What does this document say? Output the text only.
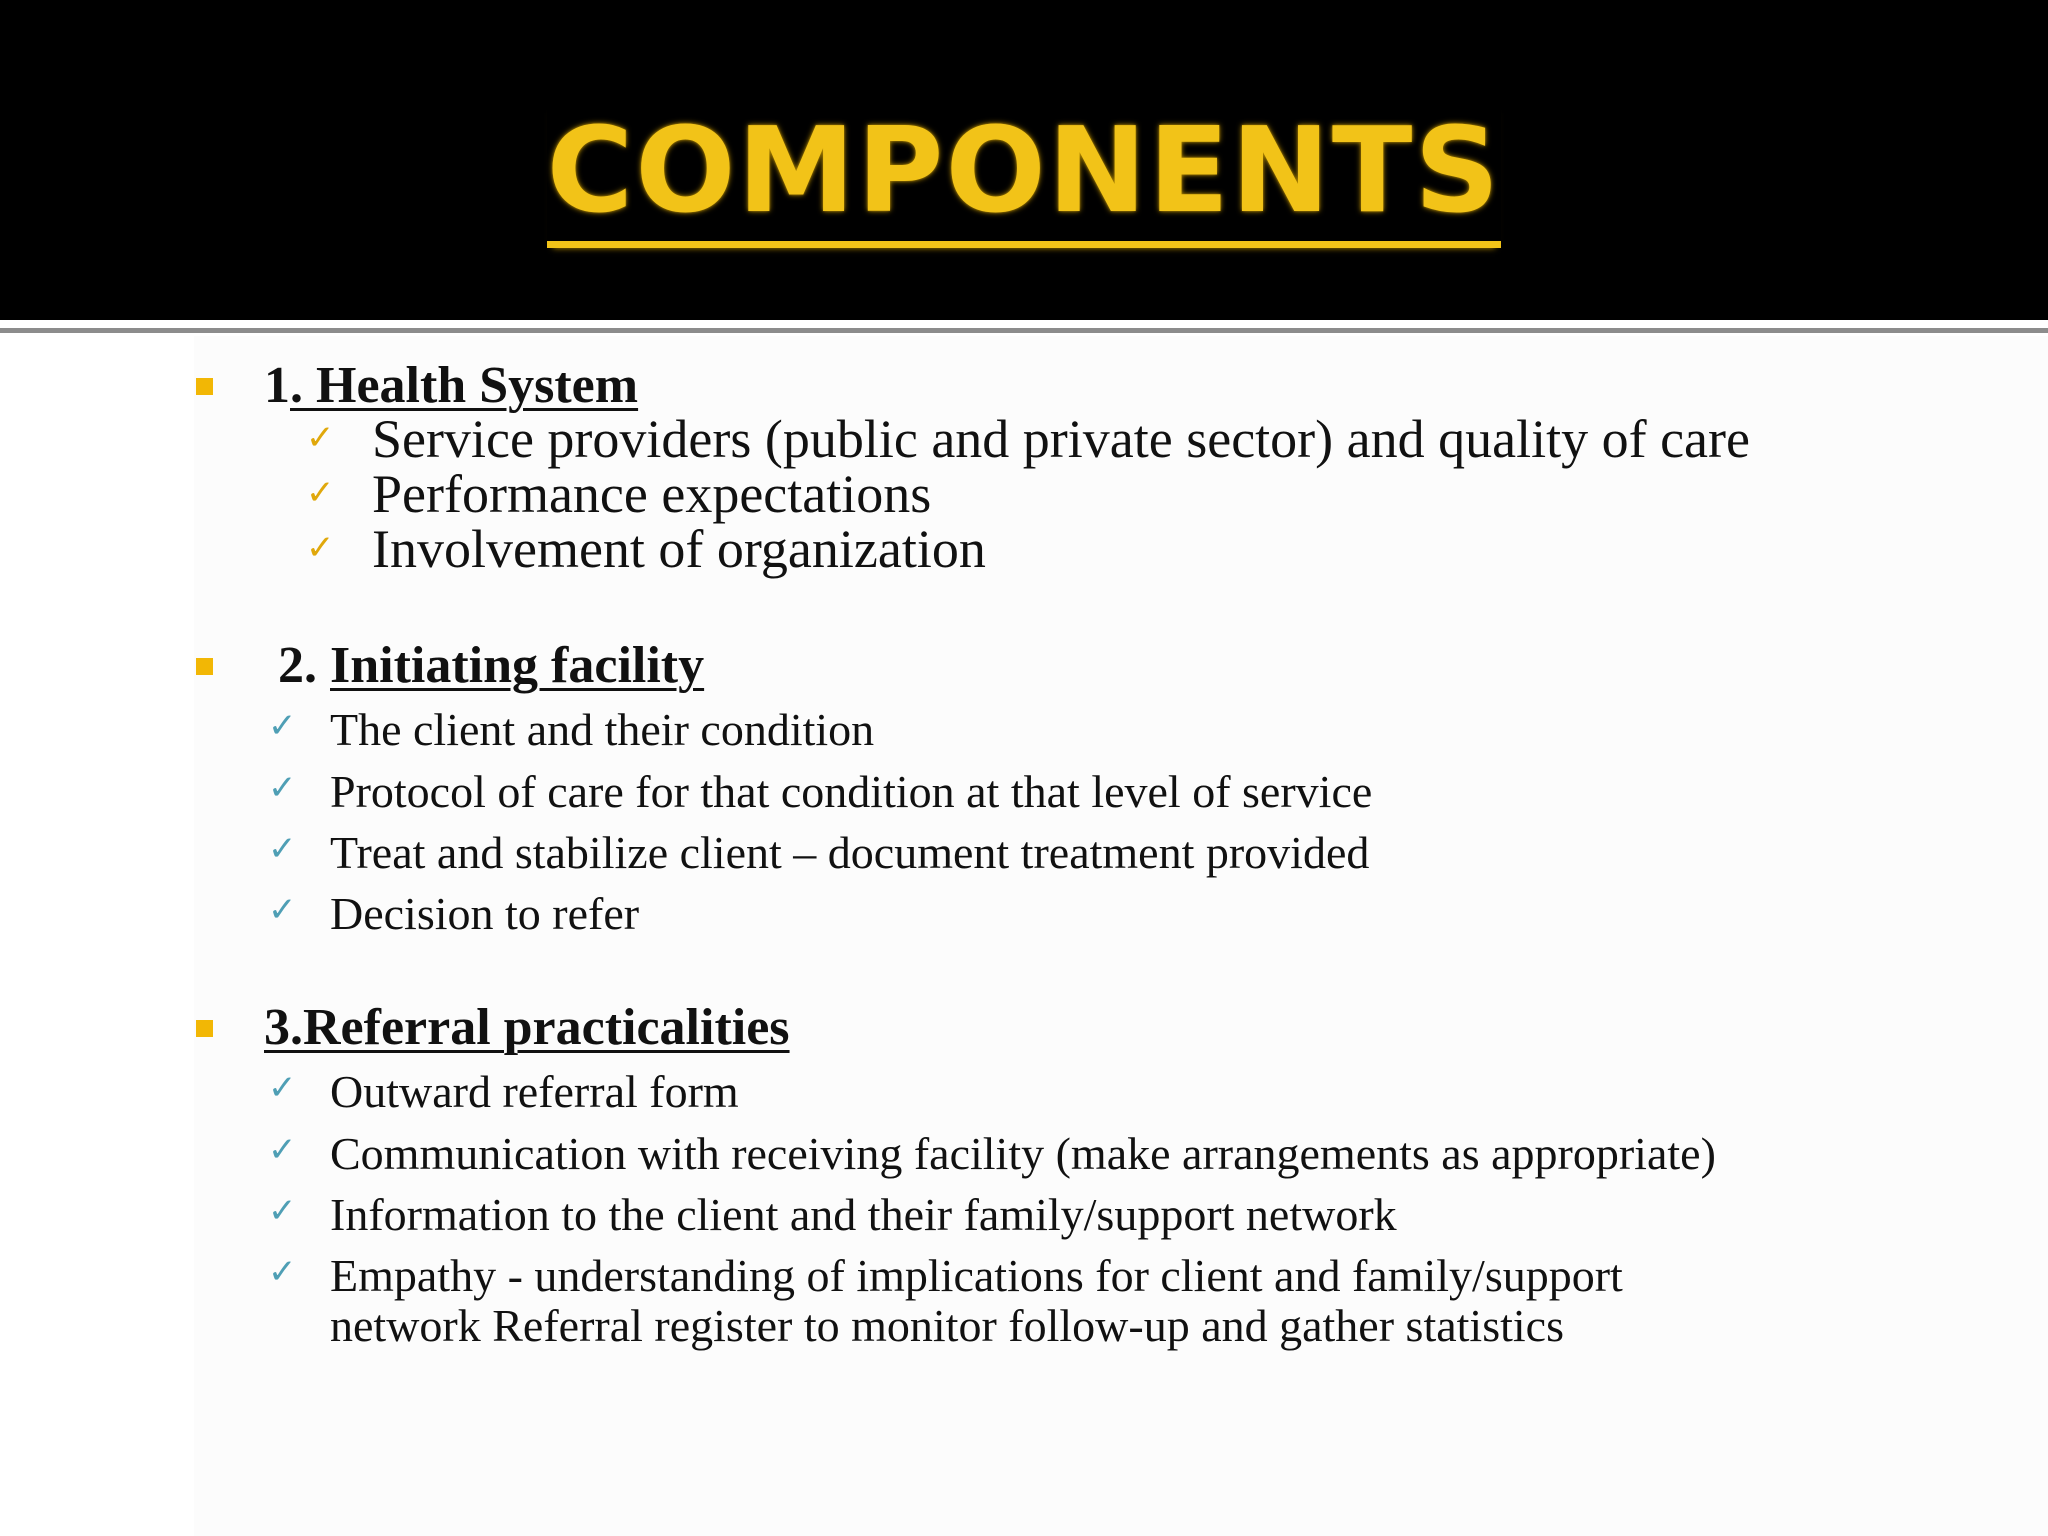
COMPONENTS

1. Health System

✓ Service providers (public and private sector) and quality of care

✓ Performance expectations

✓ Involvement of organization

2. Initiating facility

✓ The client and their condition

✓ Protocol of care for that condition at that level of service

✓ Treat and stabilize client – document treatment provided

✓ Decision to refer

3.Referral practicalities

✓ Outward referral form

✓ Communication with receiving facility (make arrangements as appropriate)

✓ Information to the client and their family/support network

✓ Empathy - understanding of implications for client and family/support

network Referral register to monitor follow-up and gather statistics
